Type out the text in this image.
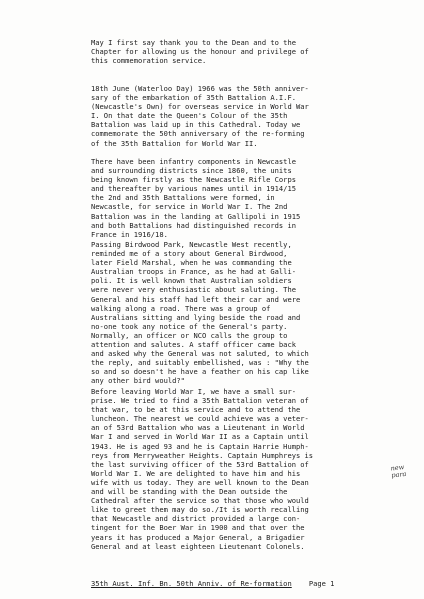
May I first say thank you to the Dean and to the
Chapter for allowing us the honour and privilege of
this commemoration service.

18th June (Waterloo Day) 1966 was the 50th anniver-
sary of the embarkation of 35th Battalion A.I.F.
(Newcastle's Own) for overseas service in World War
I. On that date the Queen's Colour of the 35th
Battalion was laid up in this Cathedral. Today we
commemorate the 50th anniversary of the re-forming
of the 35th Battalion for World War II.

There have been infantry components in Newcastle
and surrounding districts since 1860, the units
being known firstly as the Newcastle Rifle Corps
and thereafter by various names until in 1914/15
the 2nd and 35th Battalions were formed, in
Newcastle, for service in World War I. The 2nd
Battalion was in the landing at Gallipoli in 1915
and both Battalions had distinguished records in
France in 1916/18.

Passing Birdwood Park, Newcastle West recently,
reminded me of a story about General Birdwood,
later Field Marshal, when he was commanding the
Australian troops in France, as he had at Galli-
poli. It is well known that Australian soldiers
were never very enthusiastic about saluting. The
General and his staff had left their car and were
walking along a road. There was a group of
Australians sitting and lying beside the road and
no-one took any notice of the General's party.
Normally, an officer or NCO calls the group to
attention and salutes. A staff officer came back
and asked why the General was not saluted, to which
the reply, and suitably embellished, was : "Why the
so and so doesn't he have a feather on his cap like
any other bird would?"

Before leaving World War I, we have a small sur-
prise. We tried to find a 35th Battalion veteran of
that war, to be at this service and to attend the
luncheon. The nearest we could achieve was a veter-
an of 53rd Battalion who was a Lieutenant in World
War I and served in World War II as a Captain until
1943. He is aged 93 and he is Captain Harrie Humph-
reys from Merryweather Heights. Captain Humphreys is
the last surviving officer of the 53rd Battalion of
World War I. We are delighted to have him and his
wife with us today. They are well known to the Dean
and will be standing with the Dean outside the
Cathedral after the service so that those who would
like to greet them may do so./It is worth recalling
that Newcastle and district provided a large con-
tingent for the Boer War in 1900 and that over the
years it has produced a Major General, a Brigadier
General and at least eighteen Lieutenant Colonels.

new
para
35th Aust. Inf. Bn. 50th Anniv. of Re-formation Page 1
